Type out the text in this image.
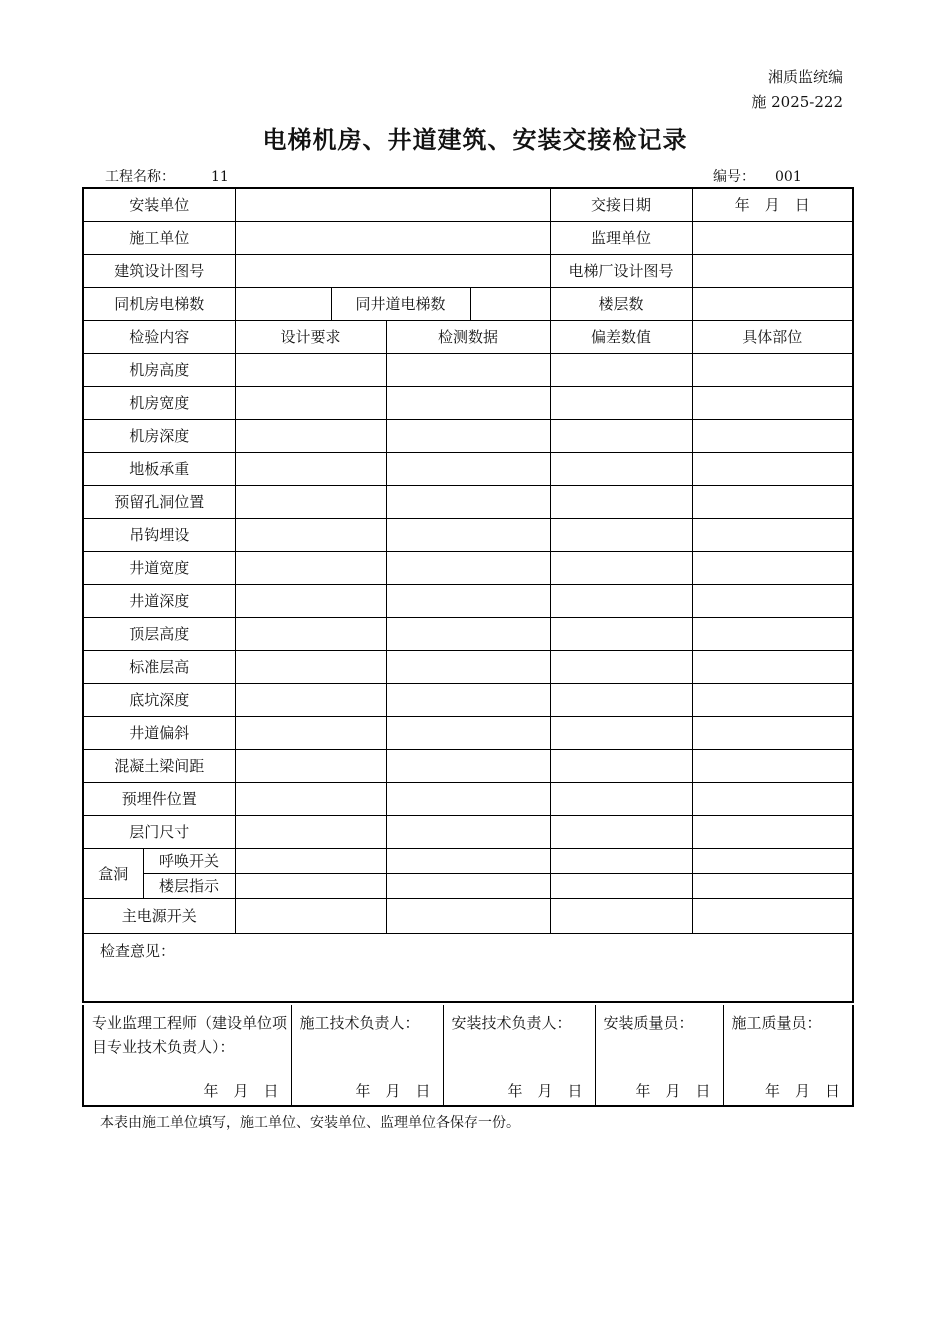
湘质监统编
施 2025-222
电梯机房、井道建筑、安装交接检记录
工程名称：	11	编号： 001
安装单位						交接日期	年　月　日
施工单位						监理单位	
建筑设计图号						电梯厂设计图号	
同机房电梯数			同井道电梯数			楼层数	
检验内容		设计要求		检测数据		偏差数值	具体部位
机房高度							
机房宽度							
机房深度							
地板承重							
预留孔洞位置							
吊钩埋设							
井道宽度							
井道深度							
顶层高度							
标准层高							
底坑深度							
井道偏斜							
混凝土梁间距							
预埋件位置							
层门尺寸							
盒洞	呼唤开关						
	楼层指示						
主电源开关							
检查意见：							
专业监理工程师（建设单位项目专业技术负责人）：
年　月　日

施工技术负责人：
年　月　日

安装技术负责人：
年　月　日

安装质量员：
年　月　日

施工质量员：
年　月　日
本表由施工单位填写，施工单位、安装单位、监理单位各保存一份。
